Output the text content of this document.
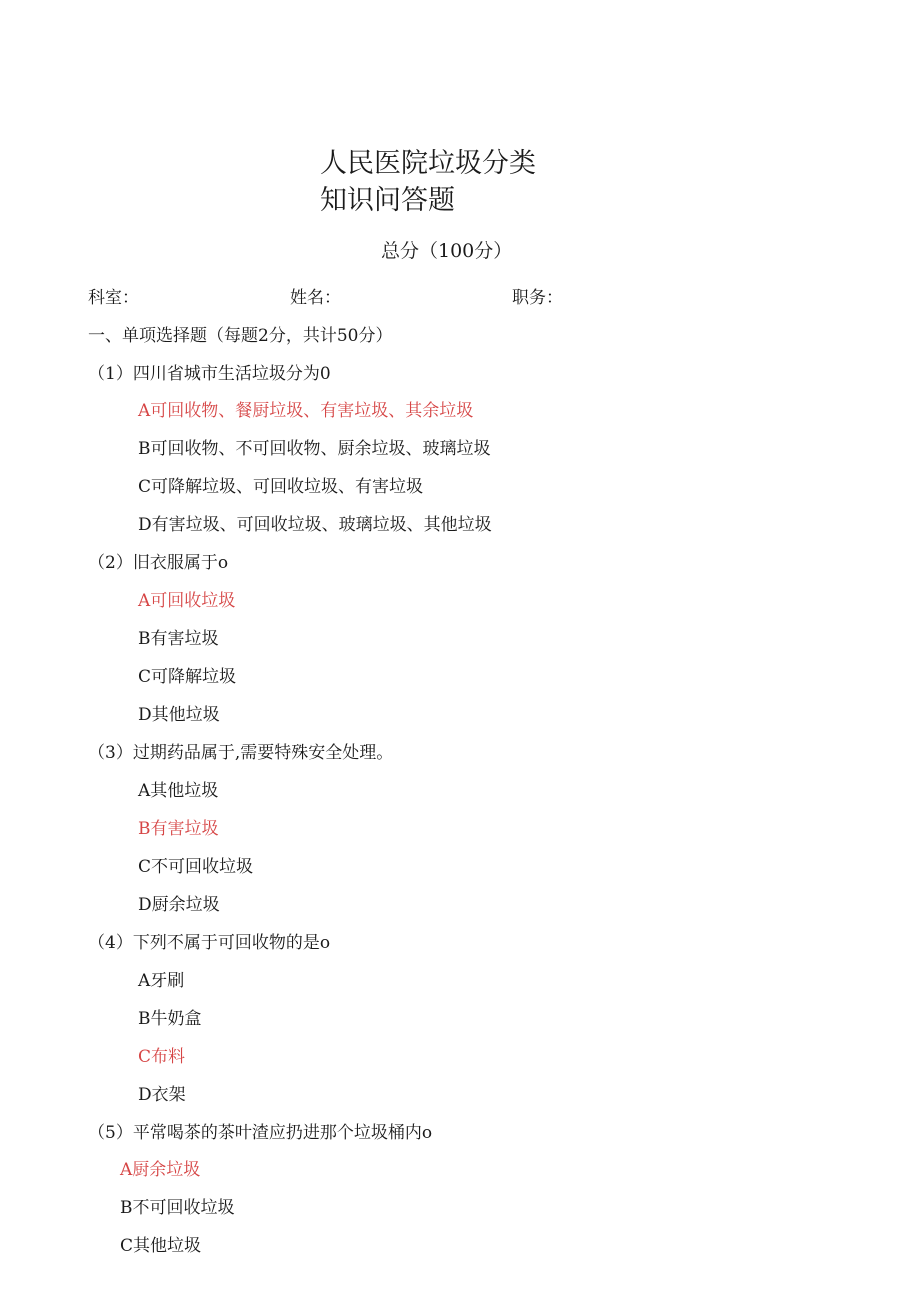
人民医院垃圾分类
知识问答题
总分（100分）
科室：	姓名：	职务：
一、单项选择题（每题2分，共计50分）
（1）四川省城市生活垃圾分为0
A可回收物、餐厨垃圾、有害垃圾、其余垃圾
B可回收物、不可回收物、厨余垃圾、玻璃垃圾
C可降解垃圾、可回收垃圾、有害垃圾
D有害垃圾、可回收垃圾、玻璃垃圾、其他垃圾
（2）旧衣服属于o
A可回收垃圾
B有害垃圾
C可降解垃圾
D其他垃圾
（3）过期药品属于,需要特殊安全处理。
A其他垃圾
B有害垃圾
C不可回收垃圾
D厨余垃圾
（4）下列不属于可回收物的是o
A牙刷
B牛奶盒
C布料
D衣架
（5）平常喝茶的茶叶渣应扔进那个垃圾桶内o
A厨余垃圾
B不可回收垃圾
C其他垃圾
